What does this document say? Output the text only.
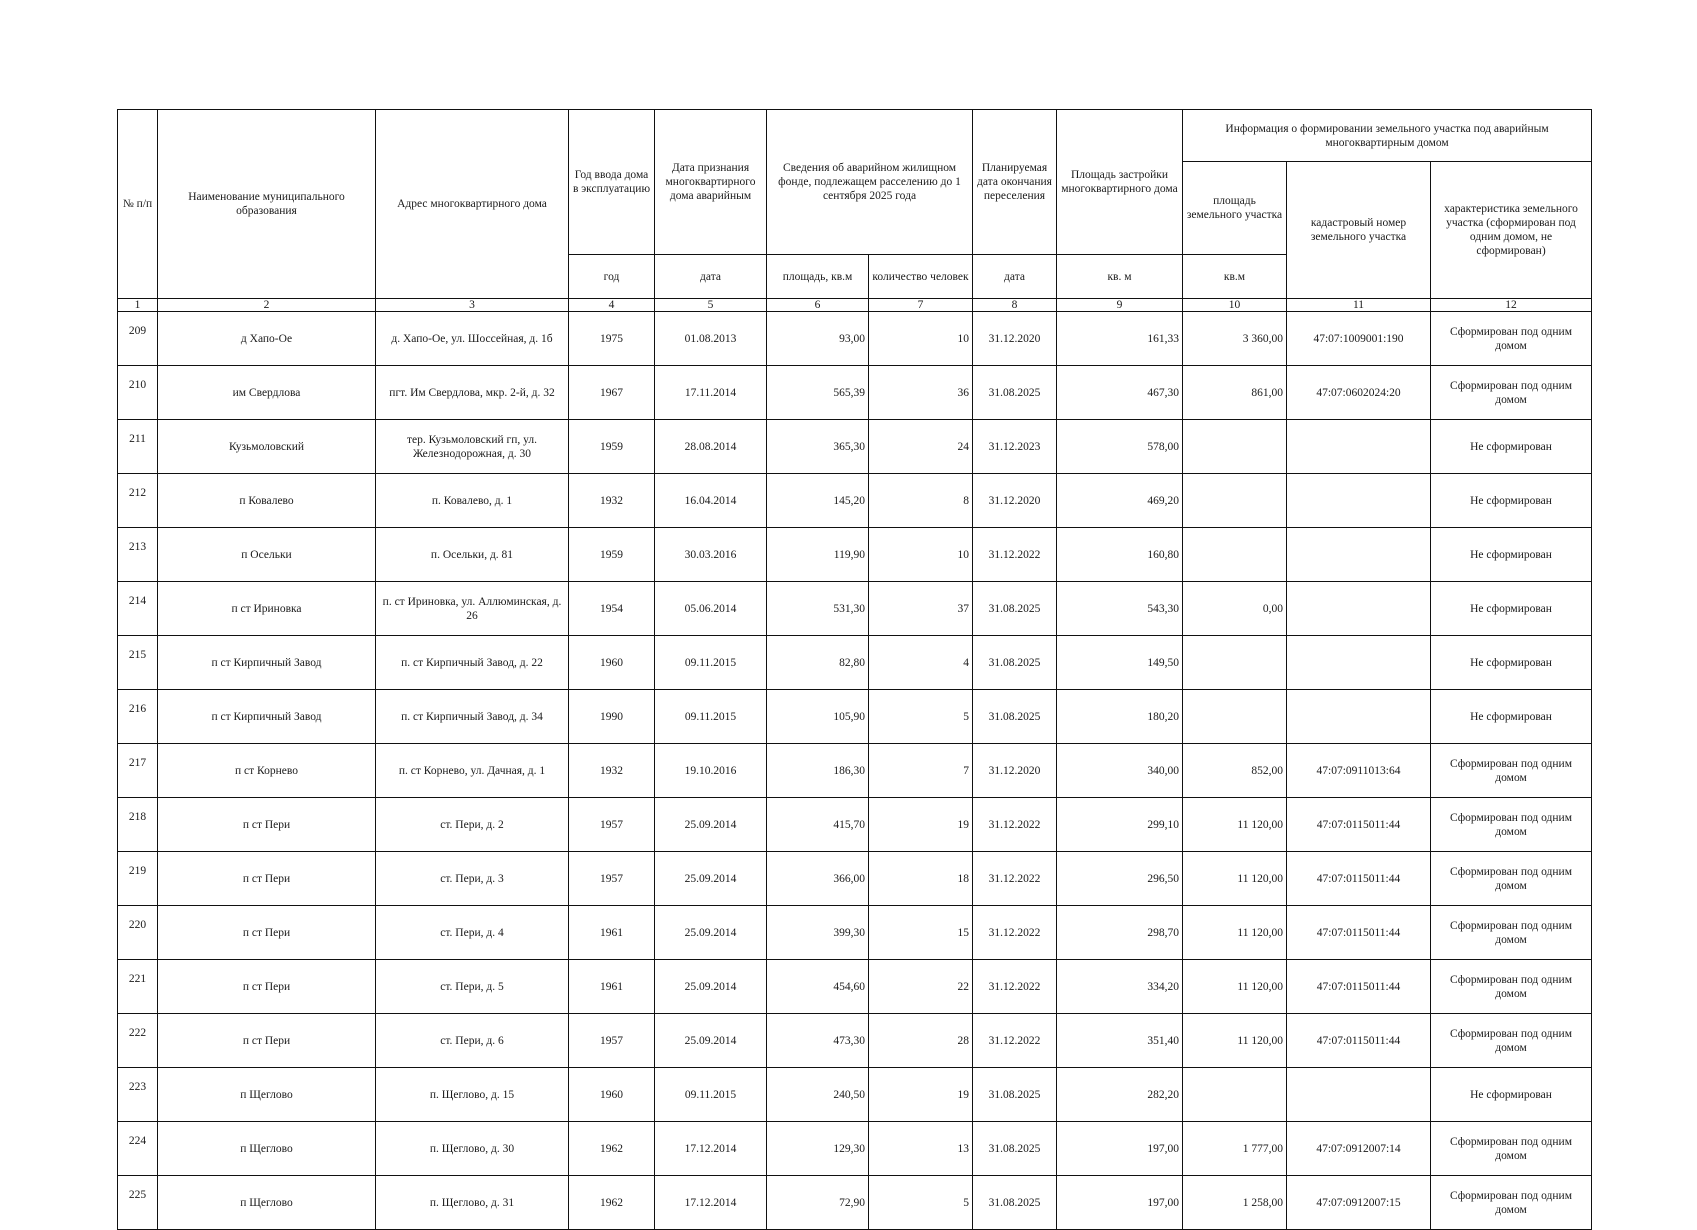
№ п/п	Наименование муниципального образования	Адрес многоквартирного дома	Год ввода дома в эксплуатацию	Дата признания многоквартирного дома аварийным	Сведения об аварийном жилищном фонде, подлежащем расселению до 1 сентября 2025 года		Планируемая дата окончания переселения	Площадь застройки многоквартирного дома	Информация о формировании земельного участка под аварийным многоквартирным домом		
									площадь земельного участка	кадастровый номер земельного участка	характеристика земельного участка (сформирован под одним домом, не сформирован)
			год	дата	площадь, кв.м	количество человек	дата	кв. м	кв.м		
1	2	3	4	5	6	7	8	9	10	11	12
209	д Хапо-Ое	д. Хапо-Ое, ул. Шоссейная, д. 1б	1975	01.08.2013	93,00	10	31.12.2020	161,33	3 360,00	47:07:1009001:190	Сформирован под одним домом
210	им Свердлова	пгт. Им Свердлова, мкр. 2-й, д. 32	1967	17.11.2014	565,39	36	31.08.2025	467,30	861,00	47:07:0602024:20	Сформирован под одним домом
211	Кузьмоловский	тер. Кузьмоловский гп, ул. Железнодорожная, д. 30	1959	28.08.2014	365,30	24	31.12.2023	578,00			Не сформирован
212	п Ковалево	п. Ковалево, д. 1	1932	16.04.2014	145,20	8	31.12.2020	469,20			Не сформирован
213	п Осельки	п. Осельки, д. 81	1959	30.03.2016	119,90	10	31.12.2022	160,80			Не сформирован
214	п ст Ириновка	п. ст Ириновка, ул. Аллюминская, д. 26	1954	05.06.2014	531,30	37	31.08.2025	543,30	0,00		Не сформирован
215	п ст Кирпичный Завод	п. ст Кирпичный Завод, д. 22	1960	09.11.2015	82,80	4	31.08.2025	149,50			Не сформирован
216	п ст Кирпичный Завод	п. ст Кирпичный Завод, д. 34	1990	09.11.2015	105,90	5	31.08.2025	180,20			Не сформирован
217	п ст Корнево	п. ст Корнево, ул. Дачная, д. 1	1932	19.10.2016	186,30	7	31.12.2020	340,00	852,00	47:07:0911013:64	Сформирован под одним домом
218	п ст Пери	ст. Пери, д. 2	1957	25.09.2014	415,70	19	31.12.2022	299,10	11 120,00	47:07:0115011:44	Сформирован под одним домом
219	п ст Пери	ст. Пери, д. 3	1957	25.09.2014	366,00	18	31.12.2022	296,50	11 120,00	47:07:0115011:44	Сформирован под одним домом
220	п ст Пери	ст. Пери, д. 4	1961	25.09.2014	399,30	15	31.12.2022	298,70	11 120,00	47:07:0115011:44	Сформирован под одним домом
221	п ст Пери	ст. Пери, д. 5	1961	25.09.2014	454,60	22	31.12.2022	334,20	11 120,00	47:07:0115011:44	Сформирован под одним домом
222	п ст Пери	ст. Пери, д. 6	1957	25.09.2014	473,30	28	31.12.2022	351,40	11 120,00	47:07:0115011:44	Сформирован под одним домом
223	п Щеглово	п. Щеглово, д. 15	1960	09.11.2015	240,50	19	31.08.2025	282,20			Не сформирован
224	п Щеглово	п. Щеглово, д. 30	1962	17.12.2014	129,30	13	31.08.2025	197,00	1 777,00	47:07:0912007:14	Сформирован под одним домом
225	п Щеглово	п. Щеглово, д. 31	1962	17.12.2014	72,90	5	31.08.2025	197,00	1 258,00	47:07:0912007:15	Сформирован под одним домом
